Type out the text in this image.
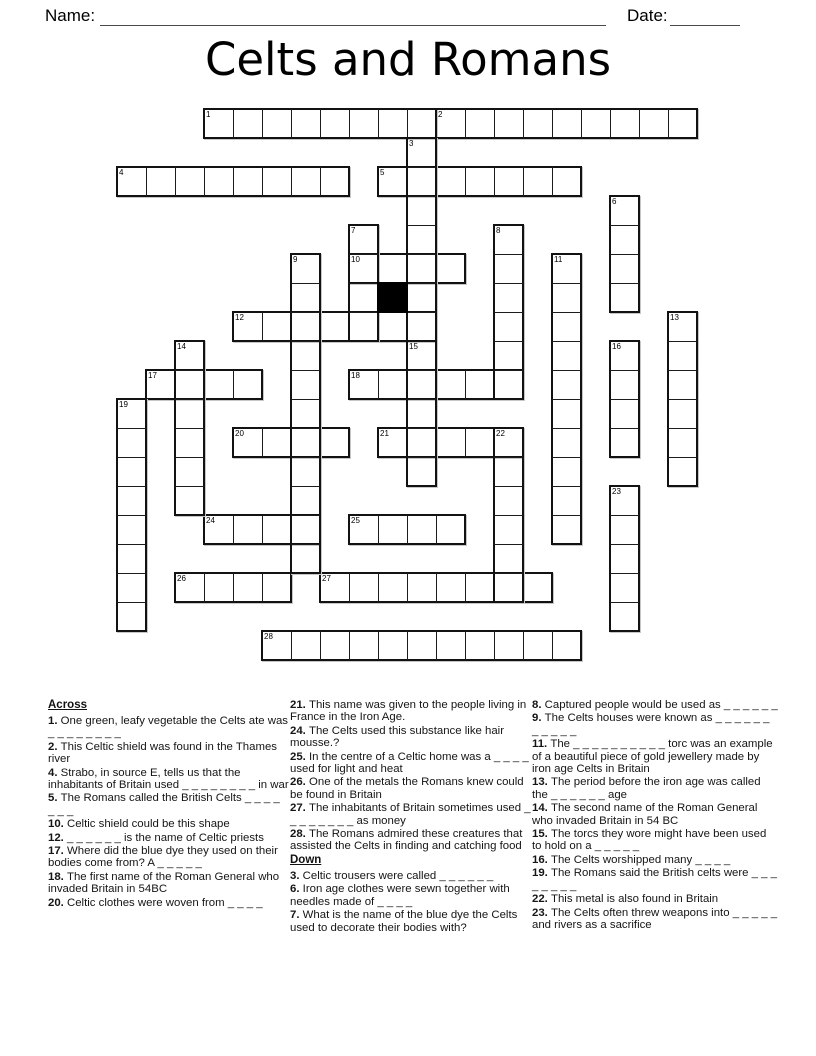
Name:	Date:
Celts and Romans
1	2
4	5
10
12
17	18
20	21
24	25
26	27
28
3
6
7	8
9	11
13
14	15	16
19
22
23
Across
1. One green, leafy vegetable the Celts ate was _ _ _ _ _ _ _ _
2. This Celtic shield was found in the Thames river
4. Strabo, in source E, tells us that the inhabitants of Britain used _ _ _ _ _ _ _ _ in war
5. The Romans called the British Celts _ _ _ _ _ _ _
10. Celtic shield could be this shape
12. _ _ _ _ _ _ is the name of Celtic priests
17. Where did the blue dye they used on their bodies come from? A _ _ _ _ _
18. The first name of the Roman General who invaded Britain in 54BC
20. Celtic clothes were woven from _ _ _ _
21. This name was given to the people living in France in the Iron Age.
24. The Celts used this substance like hair mousse.?
25. In the centre of a Celtic home was a _ _ _ _ used for light and heat
26. One of the metals the Romans knew could be found in Britain
27. The inhabitants of Britain sometimes used _ _ _ _ _ _ _ _ as money
28. The Romans admired these creatures that assisted the Celts in finding and catching food
Down
3. Celtic trousers were called _ _ _ _ _ _
6. Iron age clothes were sewn together with needles made of _ _ _ _
7. What is the name of the blue dye the Celts used to decorate their bodies with?
8. Captured people would be used as _ _ _ _ _ _
9. The Celts houses were known as _ _ _ _ _ _ _ _ _ _ _
11. The _ _ _ _ _ _ _ _ _ _ torc was an example of a beautiful piece of gold jewellery made by iron age Celts in Britain
13. The period before the iron age was called the _ _ _ _ _ _ age
14. The second name of the Roman General who invaded Britain in 54 BC
15. The torcs they wore might have been used to hold on a _ _ _ _ _
16. The Celts worshipped many _ _ _ _
19. The Romans said the British celts were _ _ _ _ _ _ _ _
22. This metal is also found in Britain
23. The Celts often threw weapons into _ _ _ _ _ and rivers as a sacrifice
